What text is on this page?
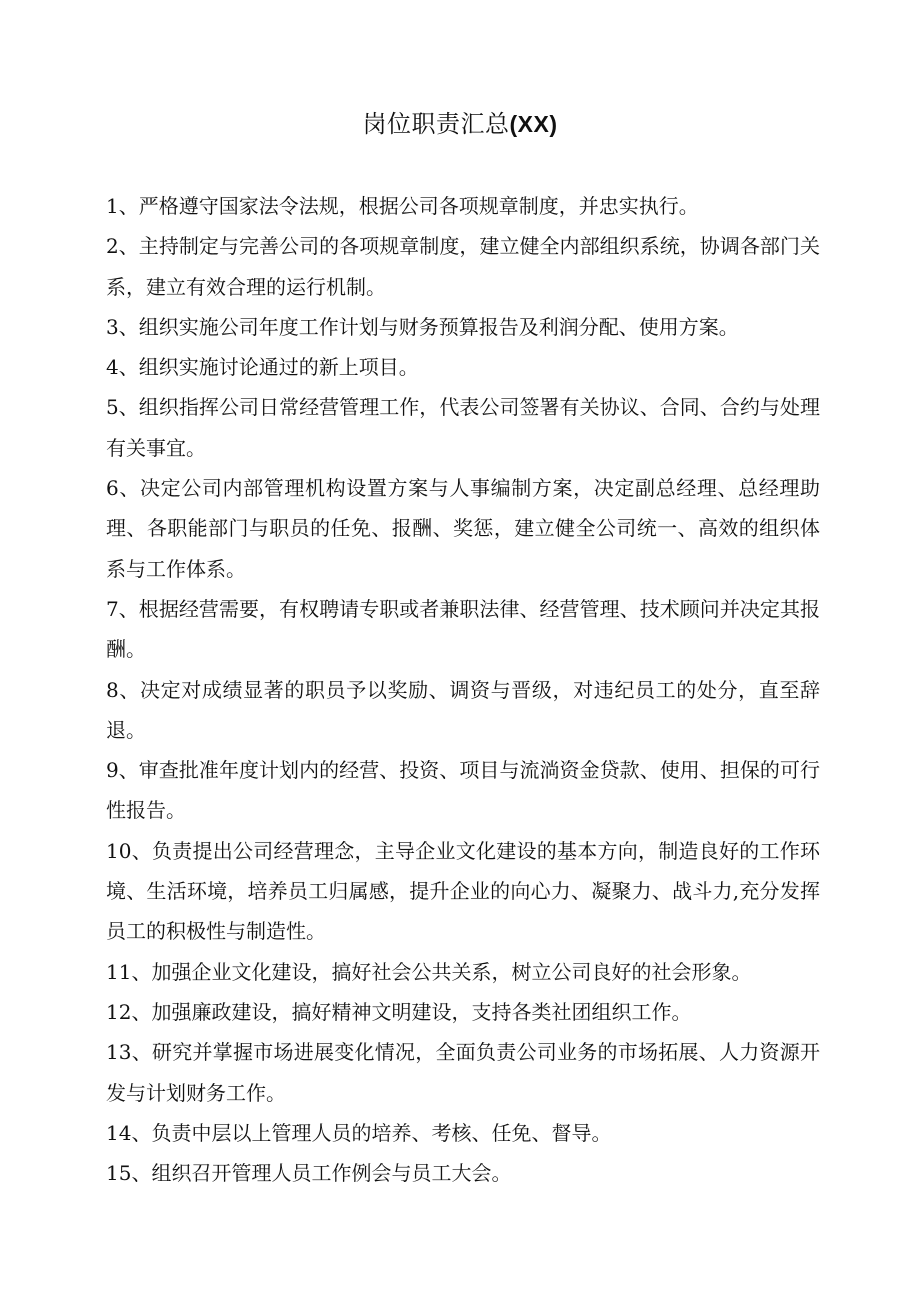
岗位职责汇总(XX)

1、严格遵守国家法令法规，根据公司各项规章制度，并忠实执行。

2、主持制定与完善公司的各项规章制度，建立健全内部组织系统，协调各部门关系，建立有效合理的运行机制。

3、组织实施公司年度工作计划与财务预算报告及利润分配、使用方案。

4、组织实施讨论通过的新上项目。

5、组织指挥公司日常经营管理工作，代表公司签署有关协议、合同、合约与处理有关事宜。

6、决定公司内部管理机构设置方案与人事编制方案，决定副总经理、总经理助理、各职能部门与职员的任免、报酬、奖惩，建立健全公司统一、高效的组织体系与工作体系。

7、根据经营需要，有权聘请专职或者兼职法律、经营管理、技术顾问并决定其报酬。

8、决定对成绩显著的职员予以奖励、调资与晋级，对违纪员工的处分，直至辞退。

9、审查批准年度计划内的经营、投资、项目与流淌资金贷款、使用、担保的可行性报告。

10、负责提出公司经营理念，主导企业文化建设的基本方向，制造良好的工作环境、生活环境，培养员工归属感，提升企业的向心力、凝聚力、战斗力,充分发挥员工的积极性与制造性。

11、加强企业文化建设，搞好社会公共关系，树立公司良好的社会形象。

12、加强廉政建设，搞好精神文明建设，支持各类社团组织工作。

13、研究并掌握市场进展变化情况，全面负责公司业务的市场拓展、人力资源开发与计划财务工作。

14、负责中层以上管理人员的培养、考核、任免、督导。

15、组织召开管理人员工作例会与员工大会。
